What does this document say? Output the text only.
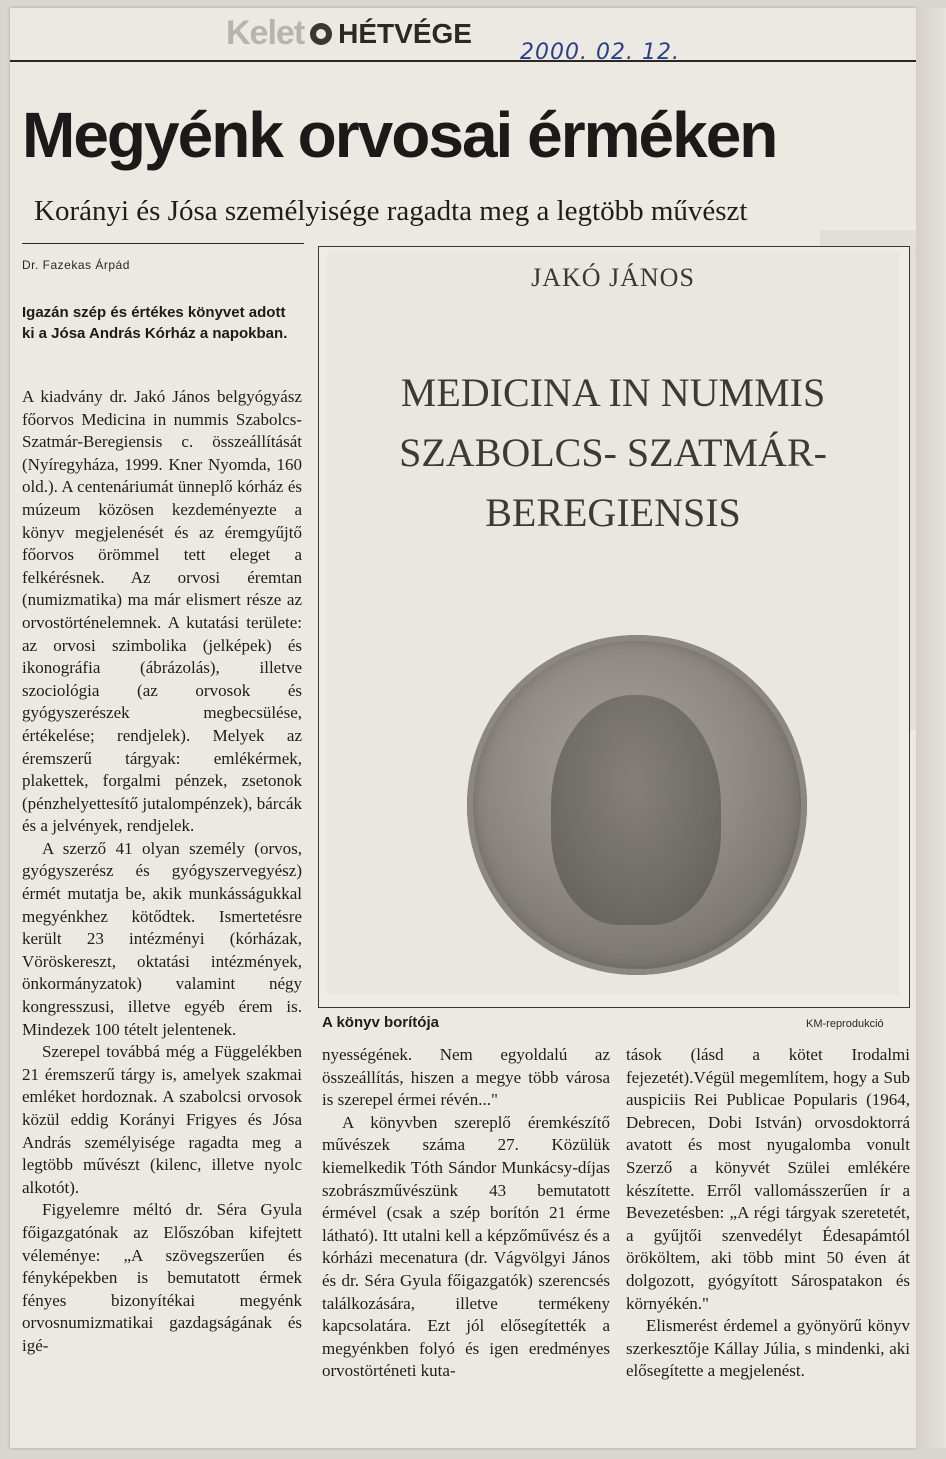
Kelet HÉTVÉGE
2000. 02. 12.
Megyénk orvosai érméken
Korányi és Jósa személyisége ragadta meg a legtöbb művészt
Dr. Fazekas Árpád
Igazán szép és értékes könyvet adott ki a Jósa András Kórház a napokban.

A kiadvány dr. Jakó János belgyógyász főorvos Medicina in nummis Szabolcs-Szatmár-Beregiensis c. összeállítását (Nyíregyháza, 1999. Kner Nyomda, 160 old.). A centenáriumát ünneplő kórház és múzeum közösen kezdeményezte a könyv megjelenését és az éremgyűjtő főorvos örömmel tett eleget a felkérésnek. Az orvosi éremtan (numizmatika) ma már elismert része az orvostörténelemnek. A kutatási területe: az orvosi szimbolika (jelképek) és ikonográfia (ábrázolás), illetve szociológia (az orvosok és gyógyszerészek megbecsülése, értékelése; rendjelek). Melyek az éremszerű tárgyak: emlékérmek, plakettek, forgalmi pénzek, zsetonok (pénzhelyettesítő jutalompénzek), bárcák és a jelvények, rendjelek.

A szerző 41 olyan személy (orvos, gyógyszerész és gyógyszervegyész) érmét mutatja be, akik munkásságukkal megyénkhez kötődtek. Ismertetésre került 23 intézményi (kórházak, Vöröskereszt, oktatási intézmények, önkormányzatok) valamint négy kongresszusi, illetve egyéb érem is. Mindezek 100 tételt jelentenek.

Szerepel továbbá még a Függelékben 21 éremszerű tárgy is, amelyek szakmai emléket hordoznak. A szabolcsi orvosok közül eddig Korányi Frigyes és Jósa András személyisége ragadta meg a legtöbb művészt (kilenc, illetve nyolc alkotót).

Figyelemre méltó dr. Séra Gyula főigazgatónak az Előszóban kifejtett véleménye: „A szövegszerűen és fényképekben is bemutatott érmek fényes bizonyítékai megyénk orvosnumizmatikai gazdagságának és igé-

JAKÓ JÁNOS
MEDICINA IN NUMMIS
SZABOLCS- SZATMÁR-
BEREGIENSIS
A könyv borítója	KM-reprodukció

nyességének. Nem egyoldalú az összeállítás, hiszen a megye több városa is szerepel érmei révén..."

A könyvben szereplő éremkészítő művészek száma 27. Közülük kiemelkedik Tóth Sándor Munkácsy-díjas szobrászművészünk 43 bemutatott érmével (csak a szép borítón 21 érme látható). Itt utalni kell a képzőművész és a kórházi mecenatura (dr. Vágvölgyi János és dr. Séra Gyula főigazgatók) szerencsés találkozására, illetve termékeny kapcsolatára. Ezt jól elősegítették a megyénkben folyó és igen eredményes orvostörténeti kuta-

tások (lásd a kötet Irodalmi fejezetét).Végül megemlítem, hogy a Sub auspiciis Rei Publicae Popularis (1964, Debrecen, Dobi István) orvosdoktorrá avatott és most nyugalomba vonult Szerző a könyvét Szülei emlékére készítette. Erről vallomásszerűen ír a Bevezetésben: „A régi tárgyak szeretetét, a gyűjtői szenvedélyt Édesapámtól örököltem, aki több mint 50 éven át dolgozott, gyógyított Sárospatakon és környékén."

Elismerést érdemel a gyönyörű könyv szerkesztője Kállay Júlia, s mindenki, aki elősegítette a megjelenést.
